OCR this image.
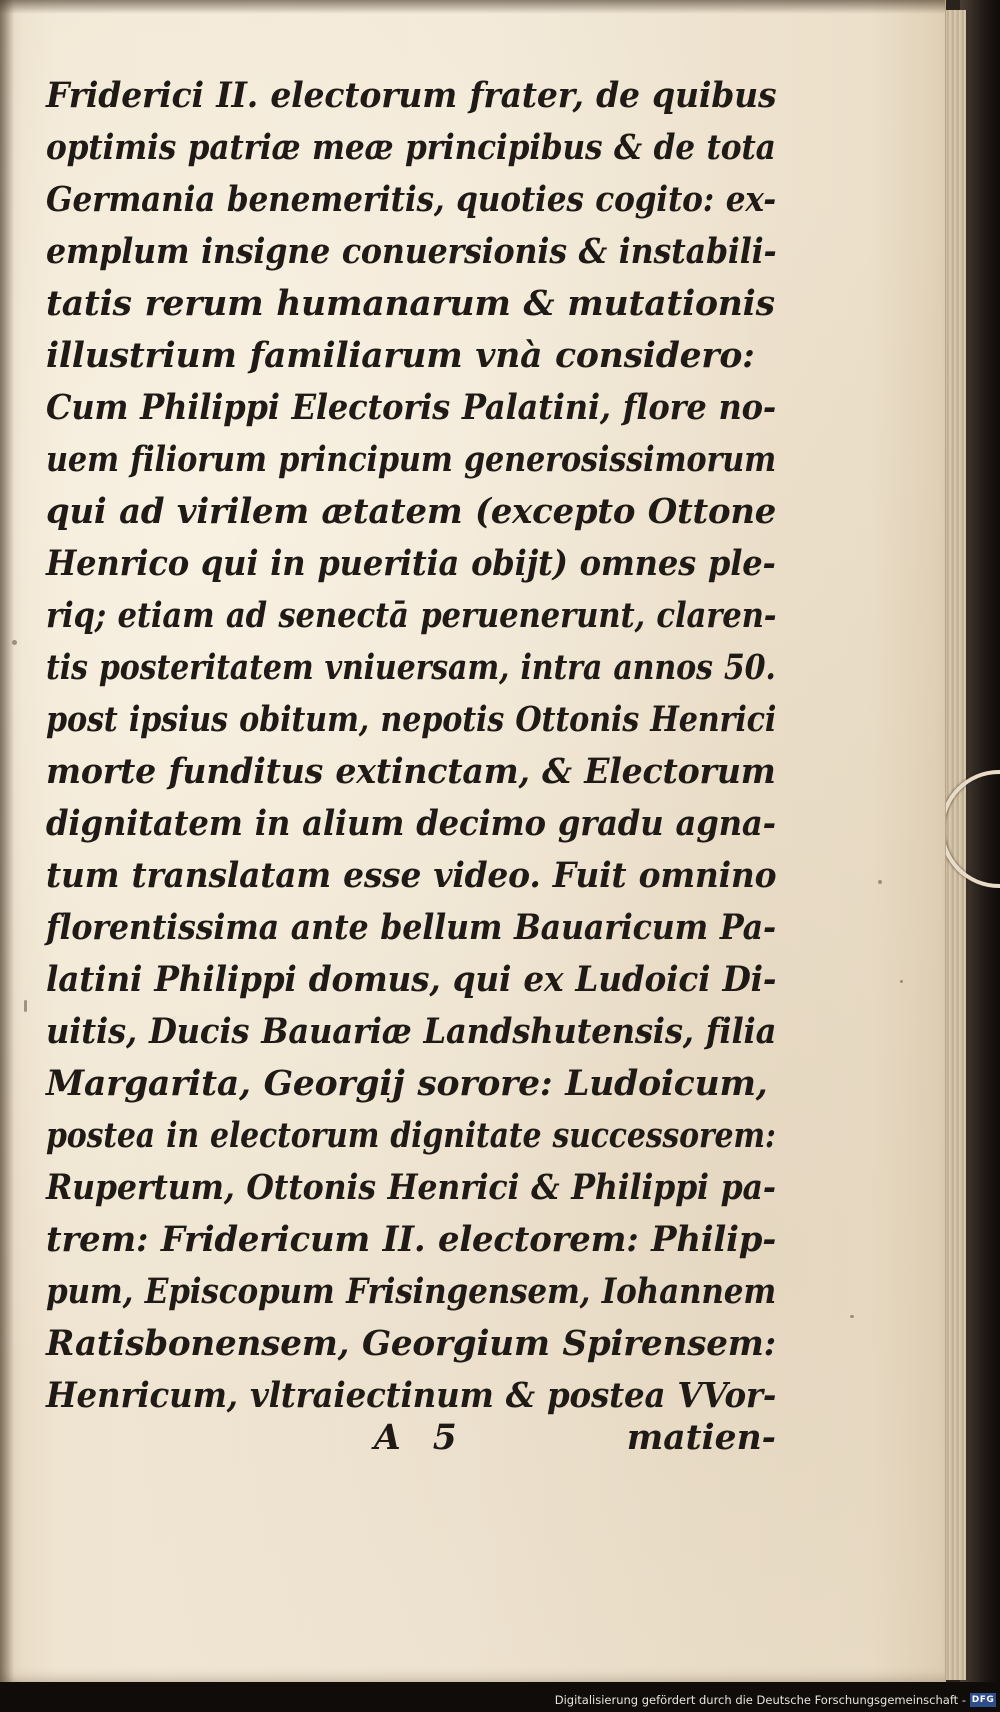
Friderici II. electorum frater, de quibus
optimis patriæ meæ principibus & de tota
Germania benemeritis, quoties cogito: ex-
emplum insigne conuersionis & instabili-
tatis rerum humanarum & mutationis
illustrium familiarum vnà considero:
Cum Philippi Electoris Palatini, flore no-
uem filiorum principum generosissimorum
qui ad virilem ætatem (excepto Ottone
Henrico qui in pueritia obijt) omnes ple-
riq; etiam ad senectā peruenerunt, claren-
tis posteritatem vniuersam, intra annos 50.
post ipsius obitum, nepotis Ottonis Henrici
morte funditus extinctam, & Electorum
dignitatem in alium decimo gradu agna-
tum translatam esse video. Fuit omnino
florentissima ante bellum Bauaricum Pa-
latini Philippi domus, qui ex Ludoici Di-
uitis, Ducis Bauariæ Landshutensis, filia
Margarita, Georgij sorore: Ludoicum,
postea in electorum dignitate successorem:
Rupertum, Ottonis Henrici & Philippi pa-
trem: Fridericum II. electorem: Philip-
pum, Episcopum Frisingensem, Iohannem
Ratisbonensem, Georgium Spirensem:
Henricum, vltraiectinum & postea VVor-
A 5	matien-
Digitalisierung gefördert durch die Deutsche Forschungsgemeinschaft - DFG
